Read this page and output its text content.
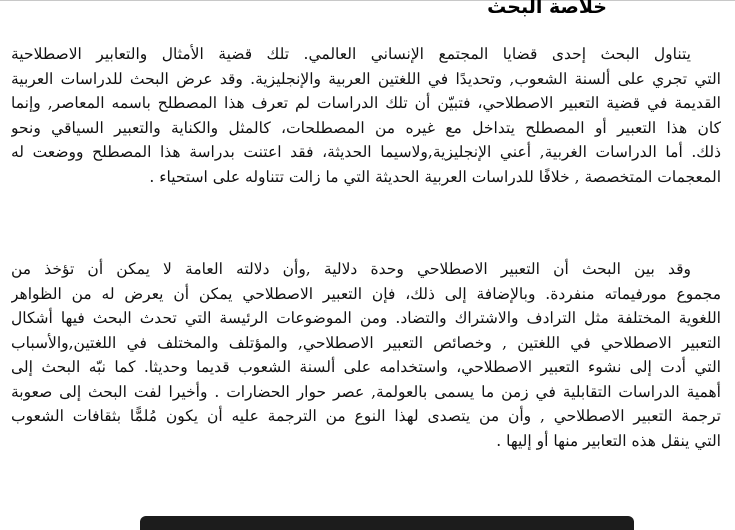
خلاصة البحث
يتناول البحث إحدى قضايا المجتمع الإنساني العالمي. تلك قضية الأمثال والتعابير الاصطلاحية
التي تجري على ألسنة الشعوب, وتحديدًا في اللغتين العربية والإنجليزية. وقد عرض البحث للدراسات العربية
القديمة في قضية التعبير الاصطلاحي، فتبيّن أن تلك الدراسات لم تعرف هذا المصطلح باسمه المعاصر, وإنما
كان هذا التعبير أو المصطلح يتداخل مع غيره من المصطلحات، كالمثل والكناية والتعبير السياقي ونحو
ذلك. أما الدراسات الغربية, أعني الإنجليزية,ولاسيما الحديثة، فقد اعتنت بدراسة هذا المصطلح ووضعت له
المعجمات المتخصصة , خلافًا للدراسات العربية الحديثة التي ما زالت تتناوله على استحياء .
وقد بين البحث أن التعبير الاصطلاحي وحدة دلالية ,وأن دلالته العامة لا يمكن أن تؤخذ من
مجموع مورفيماته منفردة. وبالإضافة إلى ذلك، فإن التعبير الاصطلاحي يمكن أن يعرض له من الظواهر
اللغوية المختلفة مثل الترادف والاشتراك والتضاد. ومن الموضوعات الرئيسة التي تحدث البحث فيها أشكال
التعبير الاصطلاحي في اللغتين , وخصائص التعبير الاصطلاحي, والمؤتلف والمختلف في اللغتين,والأسباب
التي أدت إلى نشوء التعبير الاصطلاحي، واستخدامه على ألسنة الشعوب قديما وحديثا. كما نبّه البحث إلى
أهمية الدراسات التقابلية في زمن ما يسمى بالعولمة, عصر حوار الحضارات . وأخيرا لفت البحث إلى صعوبة
ترجمة التعبير الاصطلاحي , وأن من يتصدى لهذا النوع من الترجمة عليه أن يكون مُلمًّا بثقافات الشعوب
التي ينقل هذه التعابير منها أو إليها .
